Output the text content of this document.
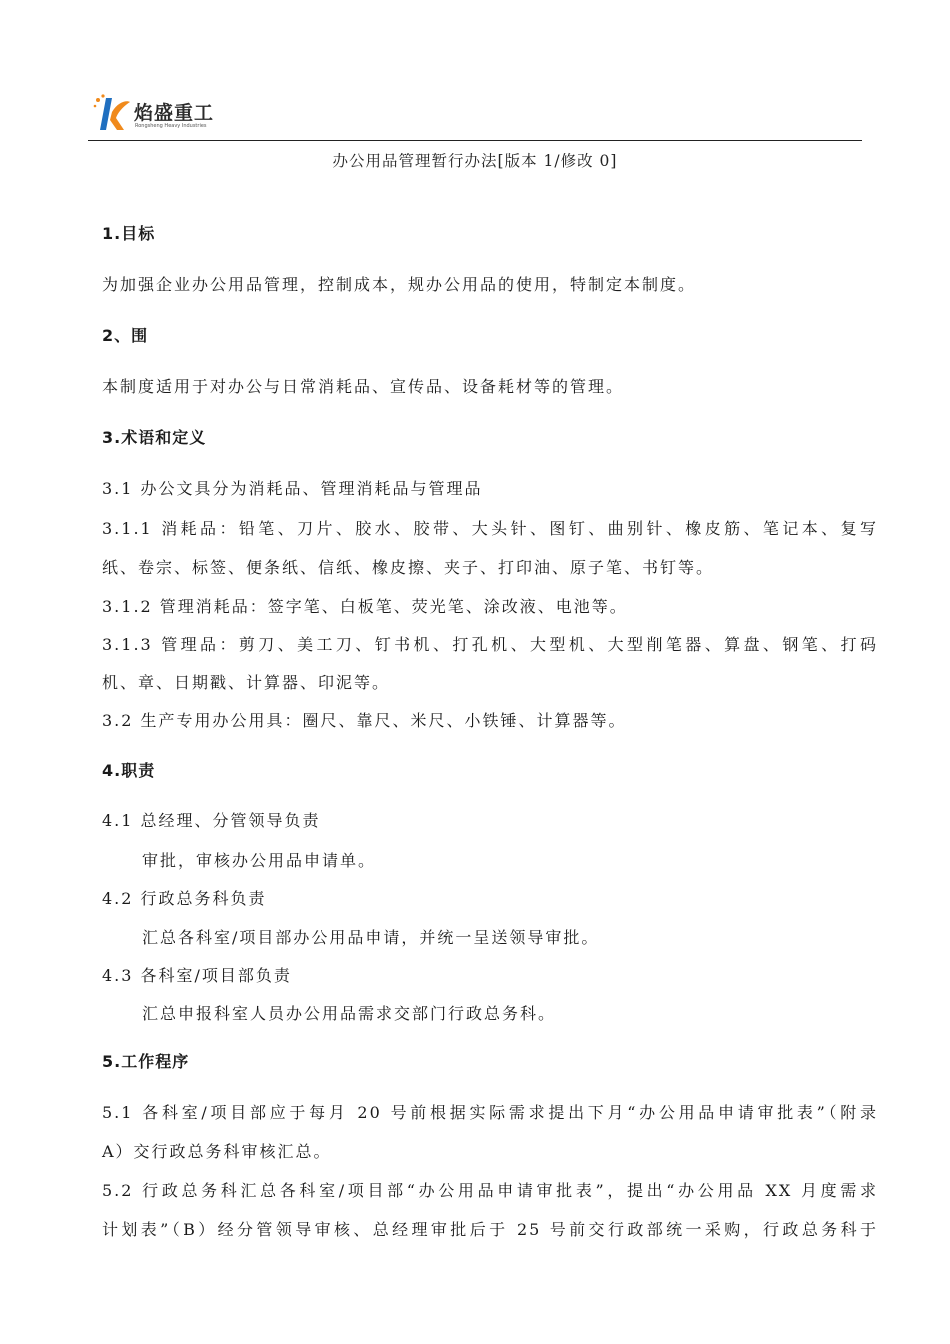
焰盛重工
Rongsheng Heavy Industries
办公用品管理暂行办法[版本 1/修改 0]
1.目标
为加强企业办公用品管理，控制成本，规办公用品的使用，特制定本制度。
2、围
本制度适用于对办公与日常消耗品、宣传品、设备耗材等的管理。
3.术语和定义
3.1 办公文具分为消耗品、管理消耗品与管理品
3.1.1 消耗品：铅笔、刀片、胶水、胶带、大头针、图钉、曲别针、橡皮筋、笔记本、复写
纸、卷宗、标签、便条纸、信纸、橡皮擦、夹子、打印油、原子笔、书钉等。
3.1.2 管理消耗品：签字笔、白板笔、荧光笔、涂改液、电池等。
3.1.3 管理品：剪刀、美工刀、钉书机、打孔机、大型机、大型削笔器、算盘、钢笔、打码
机、章、日期戳、计算器、印泥等。
3.2 生产专用办公用具：圈尺、靠尺、米尺、小铁锤、计算器等。
4.职责
4.1 总经理、分管领导负责
审批，审核办公用品申请单。
4.2 行政总务科负责
汇总各科室/项目部办公用品申请，并统一呈送领导审批。
4.3 各科室/项目部负责
汇总申报科室人员办公用品需求交部门行政总务科。
5.工作程序
5.1 各科室/项目部应于每月 20 号前根据实际需求提出下月“办公用品申请审批表”（附录
A）交行政总务科审核汇总。
5.2 行政总务科汇总各科室/项目部“办公用品申请审批表”，提出“办公用品 XX 月度需求
计划表”（B）经分管领导审核、总经理审批后于 25 号前交行政部统一采购，行政总务科于
